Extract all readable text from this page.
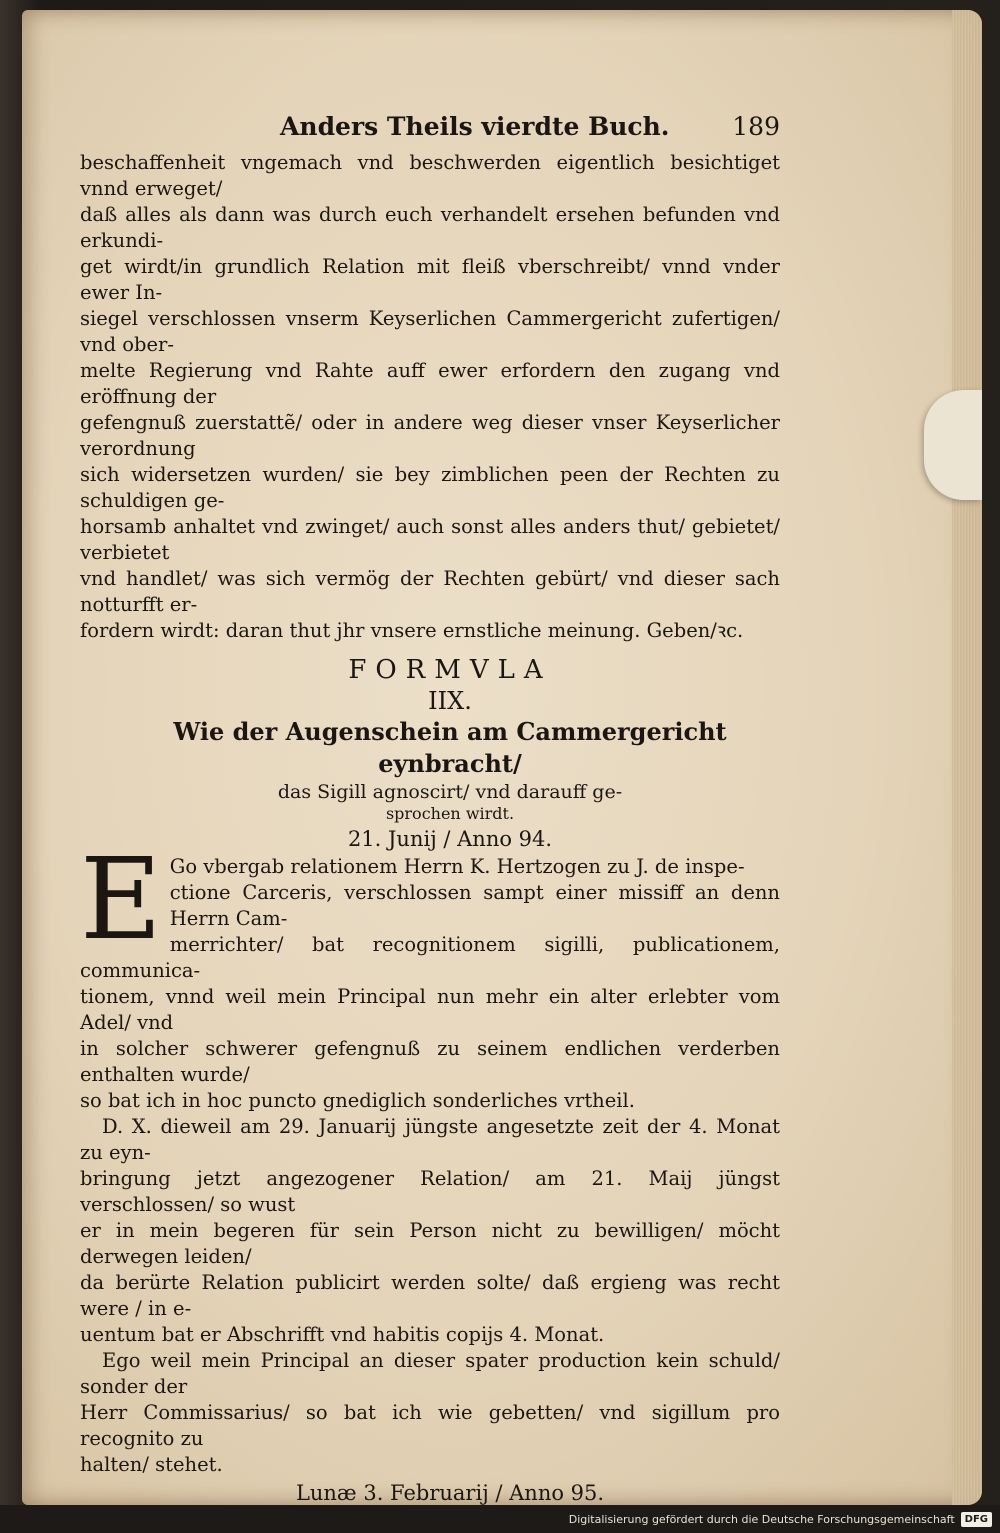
Anders Theils vierdte Buch.	189

beschaffenheit vngemach vnd beschwerden eigentlich besichtiget vnnd erweget/

daß alles als dann was durch euch verhandelt ersehen befunden vnd erkundi-

get wirdt/in grundlich Relation mit fleiß vberschreibt/ vnnd vnder ewer In-

siegel verschlossen vnserm Keyserlichen Cammergericht zufertigen/ vnd ober-

melte Regierung vnd Rahte auff ewer erfordern den zugang vnd eröffnung der

gefengnuß zuerstattẽ/ oder in andere weg dieser vnser Keyserlicher verordnung

sich widersetzen wurden/ sie bey zimblichen peen der Rechten zu schuldigen ge-

horsamb anhaltet vnd zwinget/ auch sonst alles anders thut/ gebietet/ verbietet

vnd handlet/ was sich vermög der Rechten gebürt/ vnd dieser sach notturfft er-

fordern wirdt: daran thut jhr vnsere ernstliche meinung. Geben/ꝛc.

FORMVLA
IIX.
Wie der Augenschein am Cammergericht eynbracht/
das Sigill agnoscirt/ vnd darauff ge-
sprochen wirdt.
21. Junij / Anno 94.
E Go vbergab relationem Herrn K. Hertzogen zu J. de inspe-

ctione Carceris, verschlossen sampt einer missiff an denn Herrn Cam-

merrichter/ bat recognitionem sigilli, publicationem, communica-

tionem, vnnd weil mein Principal nun mehr ein alter erlebter vom Adel/ vnd

in solcher schwerer gefengnuß zu seinem endlichen verderben enthalten wurde/

so bat ich in hoc puncto gnediglich sonderliches vrtheil.

D. X. dieweil am 29. Januarij jüngste angesetzte zeit der 4. Monat zu eyn-

bringung jetzt angezogener Relation/ am 21. Maij jüngst verschlossen/ so wust

er in mein begeren für sein Person nicht zu bewilligen/ möcht derwegen leiden/

da berürte Relation publicirt werden solte/ daß ergieng was recht were / in e-

uentum bat er Abschrifft vnd habitis copijs 4. Monat.

Ego weil mein Principal an dieser spater production kein schuld/ sonder der

Herr Commissarius/ so bat ich wie gebetten/ vnd sigillum pro recognito zu

halten/ stehet.

Lunæ 3. Februarij / Anno 95.

Digitalisierung gefördert durch die Deutsche Forschungsgemeinschaft	DFG
